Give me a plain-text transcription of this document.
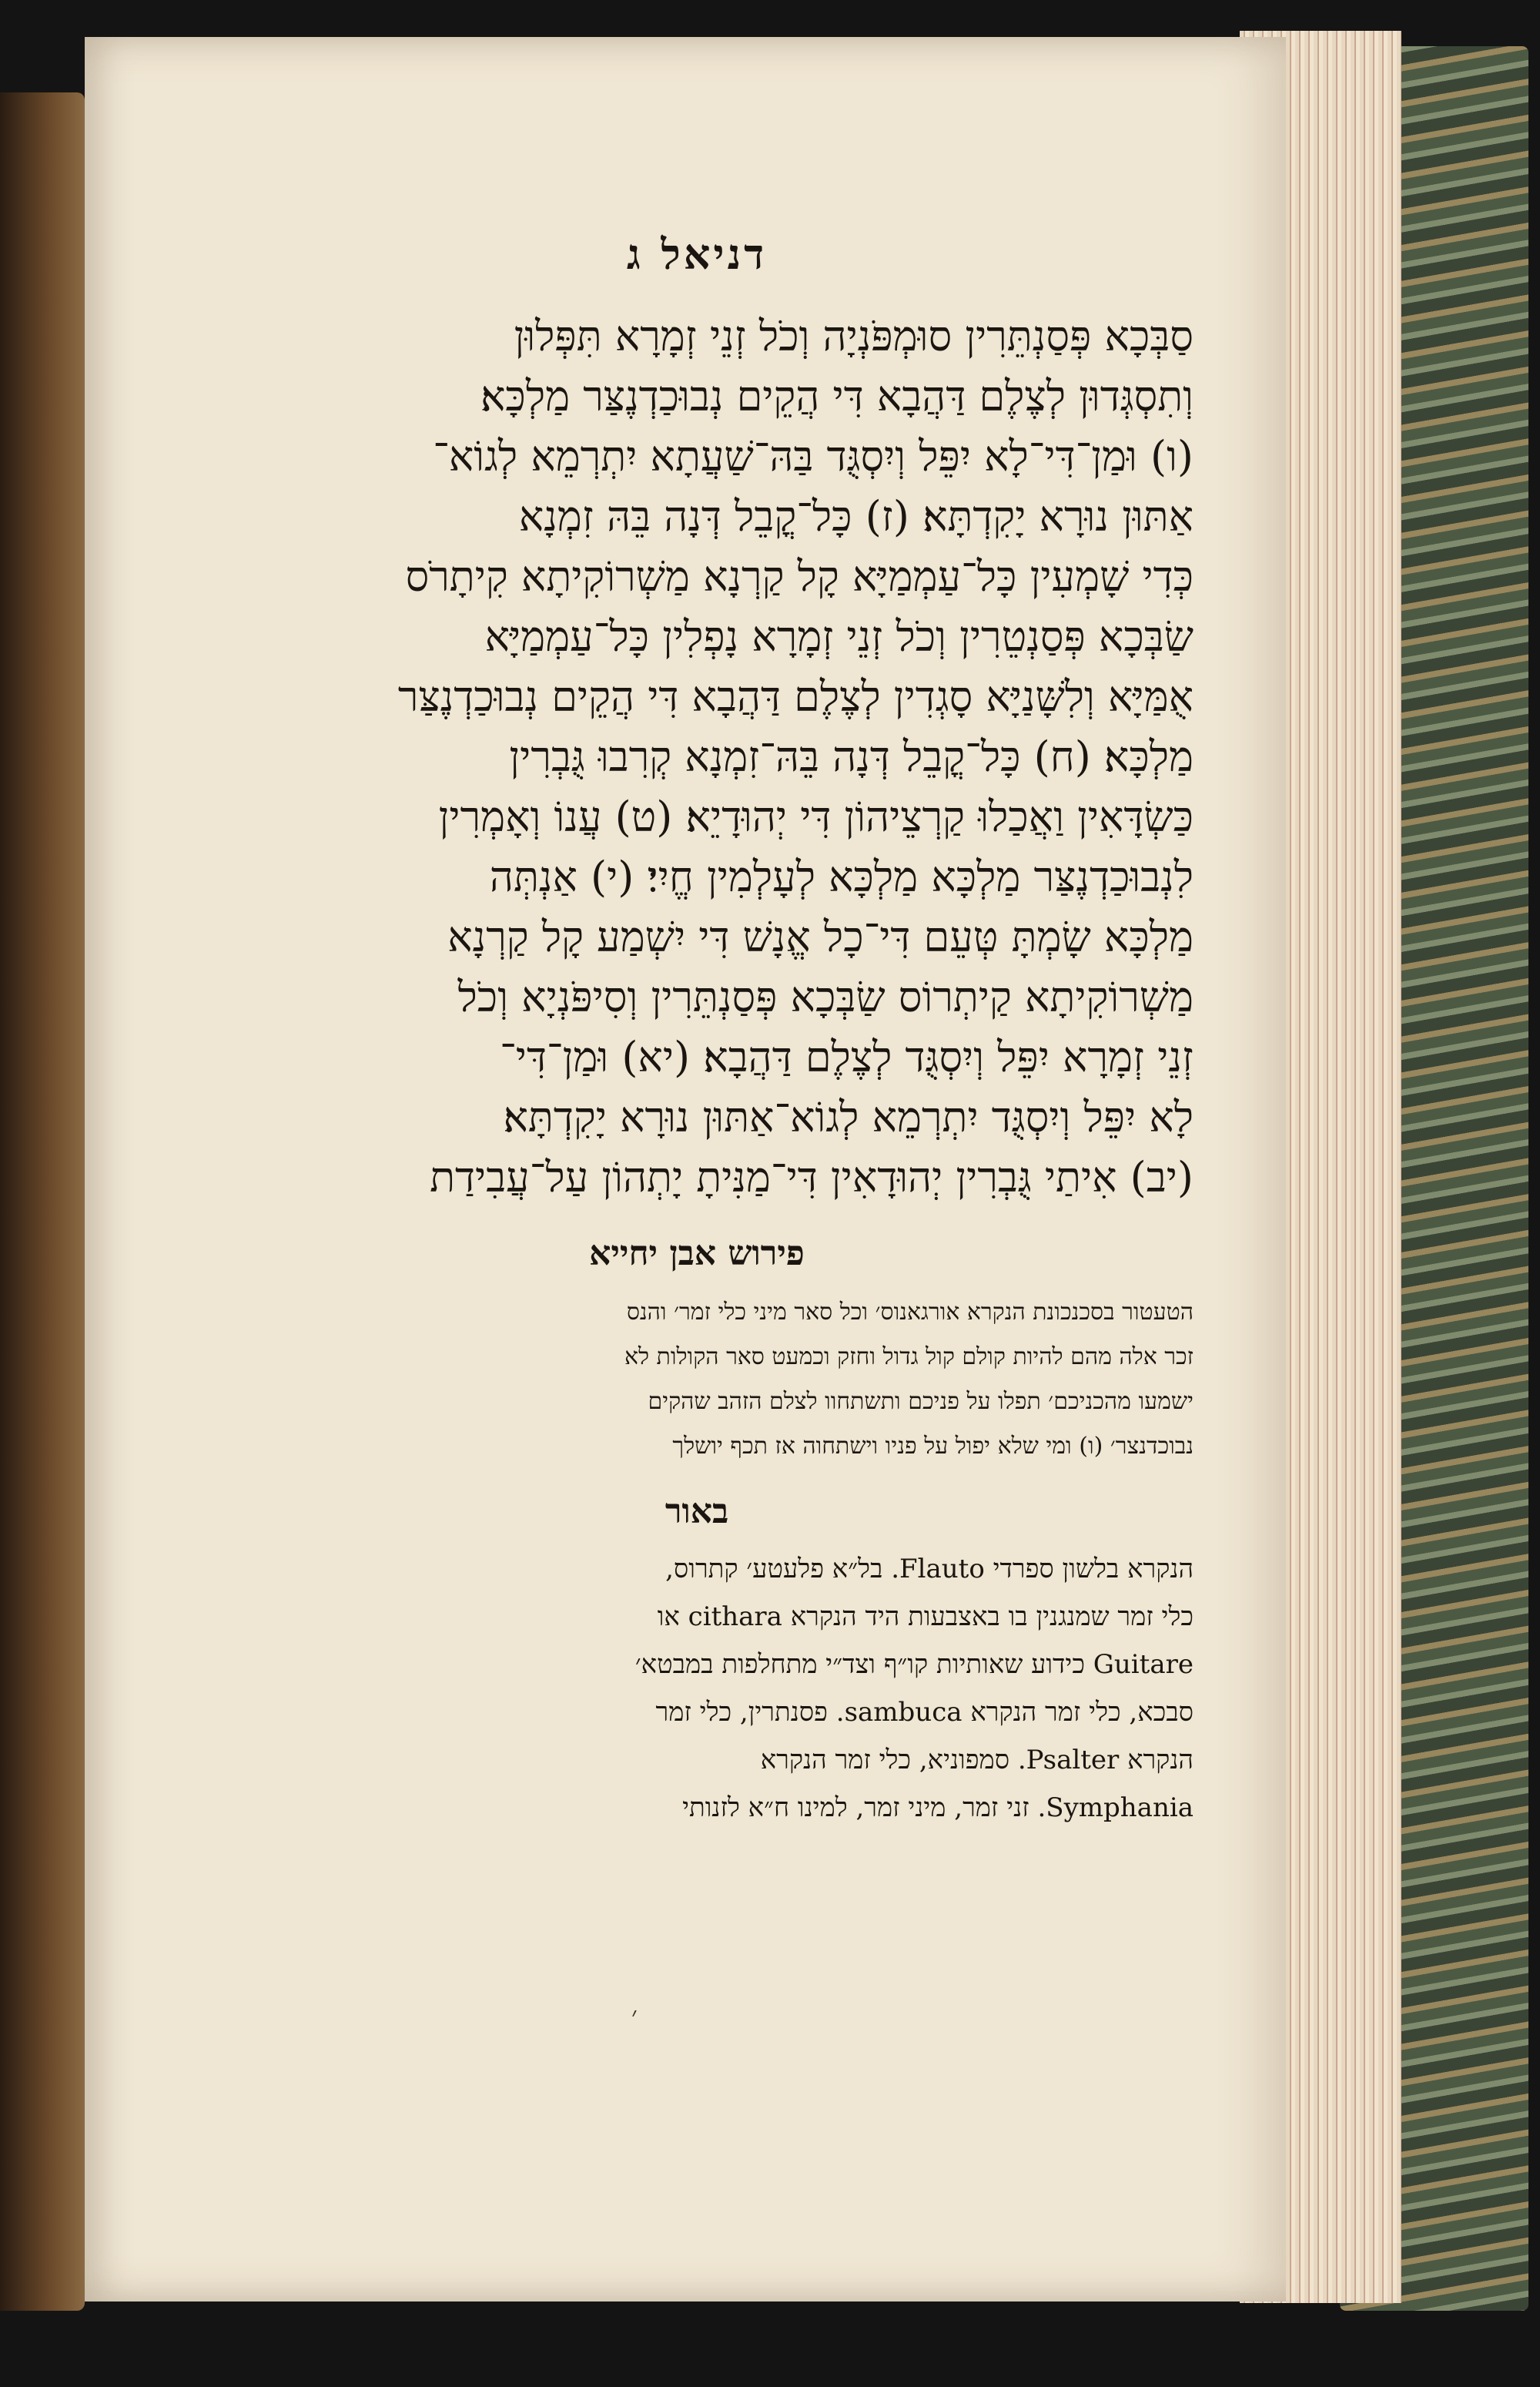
דניאל ג

סַבְּכָא פְּסַנְתֵּרִין סוּמְפֹּנְיָה וְכֹל זְנֵי זְמָרָא תִּפְּלוּן
וְתִסְגְּדוּן לְצֶלֶם דַּהֲבָא דִּי הֲקֵים נְבוּכַדְנֶצַּר מַלְכָּא׃
(ו) וּמַן־דִּי־לָא יִפֵּל וְיִסְגֻּד בַּהּ־שַׁעֲתָא יִתְרְמֵא לְגוֹא־
אַתּוּן נוּרָא יָקִדְתָּא׃ (ז) כָּל־קֳבֵל דְּנָה בֵּהּ זִמְנָא
כְּדִי שָׁמְעִין כָּל־עַמְמַיָּא קָל קַרְנָא מַשְׁרוֹקִיתָא קִיתָרֹס
שַׂבְּכָא פְּסַנְטֵרִין וְכֹל זְנֵי זְמָרָא נָפְלִין כָּל־עַמְמַיָּא
אֻמַּיָּא וְלִשָּׁנַיָּא סָגְדִין לְצֶלֶם דַּהֲבָא דִּי הֲקֵים נְבוּכַדְנֶצַּר
מַלְכָּא׃ (ח) כָּל־קֳבֵל דְּנָה בֵּהּ־זִמְנָא קְרִבוּ גֻּבְרִין
כַּשְׂדָּאִין וַאֲכַלוּ קַרְצֵיהוֹן דִּי יְהוּדָיֵא׃ (ט) עֲנוֹ וְאָמְרִין
לִנְבוּכַדְנֶצַּר מַלְכָּא מַלְכָּא לְעָלְמִין חֱיִי׃ (י) אַנְתְּה
מַלְכָּא שָׂמְתָּ טְּעֵם דִּי־כָל אֱנָשׁ דִּי יִשְׁמַע קָל קַרְנָא
מַשְׁרוֹקִיתָא קַיתְרוֹס שַׂבְּכָא פְּסַנְתֵּרִין וְסִיפֹּנְיָא וְכֹל
זְנֵי זְמָרָא יִפֵּל וְיִסְגֻּד לְצֶלֶם דַּהֲבָא׃ (יא) וּמַן־דִּי־
לָא יִפֵּל וְיִסְגֻּד יִתְרְמֵא לְגוֹא־אַתּוּן נוּרָא יָקִדְתָּא׃
(יב) אִיתַי גֻּבְרִין יְהוּדָאִין דִּי־מַנִּיתָ יָתְהוֹן עַל־עֲבִידַת

פירוש אבן יחייא

הטעטור בסכנכונת הנקרא אורגאנוס׳ וכל סאר מיני כלי זמר׳ והנס
זכר אלה מהם להיות קולם קול גדול וחזק וכמעט סאר הקולות לא
ישמעו מהכניכם׳ תפלו על פניכם ותשתחוו לצלם הזהב שהקים
נבוכדנצר׳ (ו) ומי שלא יפול על פניו וישתחוה אז תכף יושלך

באור

הנקרא בלשון ספרדי Flauto. בל״א פלעטע׳ קתרוס,
כלי זמר שמנגנין בו באצבעות היד הנקרא cithara או
Guitare כידוע שאותיות קו״ף וצד״י מתחלפות במבטא׳
סבכא, כלי זמר הנקרא sambuca. פסנתרין, כלי זמר
הנקרא Psalter. סמפוניא, כלי זמר הנקרא
Symphania. זני זמר, מיני זמר, למינו ח״א לזנותי

׳
